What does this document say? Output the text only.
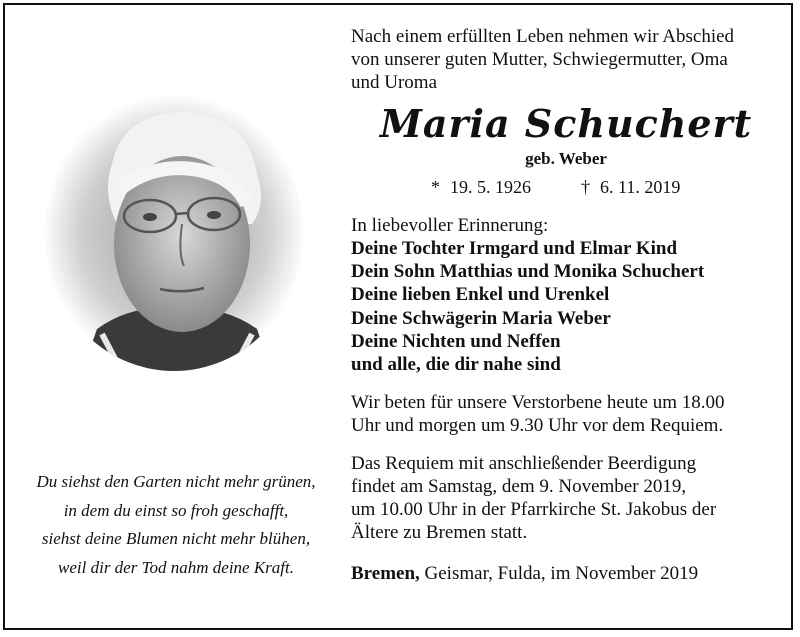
Du siehst den Garten nicht mehr grünen,
in dem du einst so froh geschafft,
siehst deine Blumen nicht mehr blühen,
weil dir der Tod nahm deine Kraft.
Nach einem erfüllten Leben nehmen wir Abschied
von unserer guten Mutter, Schwiegermutter, Oma
und Uroma
Maria Schuchert
geb. Weber
* 19. 5. 1926	† 6. 11. 2019
In liebevoller Erinnerung:
Deine Tochter Irmgard und Elmar Kind
Dein Sohn Matthias und Monika Schuchert
Deine lieben Enkel und Urenkel
Deine Schwägerin Maria Weber
Deine Nichten und Neffen
und alle, die dir nahe sind
Wir beten für unsere Verstorbene heute um 18.00
Uhr und morgen um 9.30 Uhr vor dem Requiem.
Das Requiem mit anschließender Beerdigung
findet am Samstag, dem 9. November 2019,
um 10.00 Uhr in der Pfarrkirche St. Jakobus der
Ältere zu Bremen statt.
Bremen, Geismar, Fulda, im November 2019
